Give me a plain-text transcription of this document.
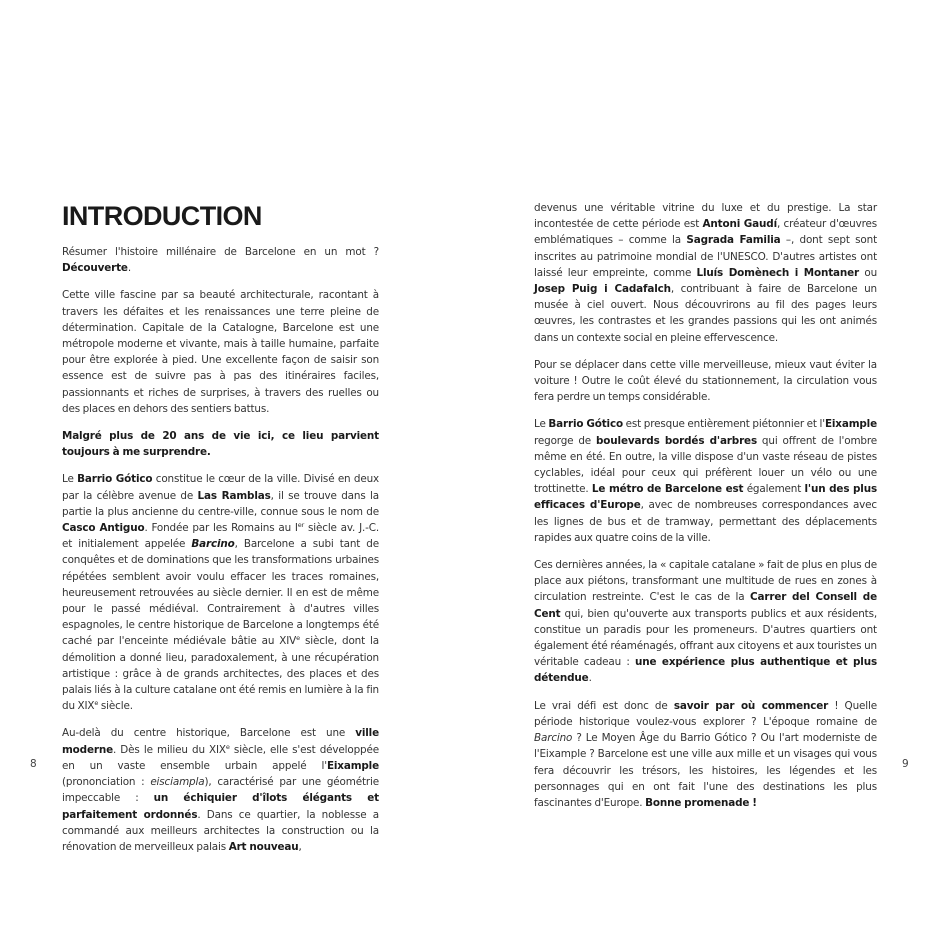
INTRODUCTION

Résumer l'histoire millénaire de Barcelone en un mot ? Découverte.

Cette ville fascine par sa beauté architecturale, racontant à travers les défaites et les renaissances une terre pleine de détermination. Capitale de la Catalogne, Barcelone est une métropole moderne et vivante, mais à taille humaine, parfaite pour être explorée à pied. Une excellente façon de saisir son essence est de suivre pas à pas des itinéraires faciles, passionnants et riches de surprises, à travers des ruelles ou des places en dehors des sentiers battus.

Malgré plus de 20 ans de vie ici, ce lieu parvient toujours à me surprendre.

Le Barrio Gótico constitue le cœur de la ville. Divisé en deux par la célèbre avenue de Las Ramblas, il se trouve dans la partie la plus ancienne du centre-ville, connue sous le nom de Casco Antiguo. Fondée par les Romains au Ier siècle av. J.-C. et initialement appelée Barcino, Barcelone a subi tant de conquêtes et de dominations que les transformations urbaines répétées semblent avoir voulu effacer les traces romaines, heureusement retrouvées au siècle dernier. Il en est de même pour le passé médiéval. Contrairement à d'autres villes espagnoles, le centre historique de Barcelone a longtemps été caché par l'enceinte médiévale bâtie au XIVe siècle, dont la démolition a donné lieu, paradoxalement, à une récupération artistique : grâce à de grands architectes, des places et des palais liés à la culture catalane ont été remis en lumière à la fin du XIXe siècle.

Au-delà du centre historique, Barcelone est une ville moderne. Dès le milieu du XIXe siècle, elle s'est développée en un vaste ensemble urbain appelé l'Eixample (prononciation : eisciampla), caractérisé par une géométrie impeccable : un échiquier d'îlots élégants et parfaitement ordonnés. Dans ce quartier, la noblesse a commandé aux meilleurs architectes la construction ou la rénovation de merveilleux palais Art nouveau,

8

devenus une véritable vitrine du luxe et du prestige. La star incontestée de cette période est Antoni Gaudí, créateur d'œuvres emblématiques – comme la Sagrada Familia –, dont sept sont inscrites au patrimoine mondial de l'UNESCO. D'autres artistes ont laissé leur empreinte, comme Lluís Domènech i Montaner ou Josep Puig i Cadafalch, contribuant à faire de Barcelone un musée à ciel ouvert. Nous découvrirons au fil des pages leurs œuvres, les contrastes et les grandes passions qui les ont animés dans un contexte social en pleine effervescence.

Pour se déplacer dans cette ville merveilleuse, mieux vaut éviter la voiture ! Outre le coût élevé du stationnement, la circulation vous fera perdre un temps considérable.

Le Barrio Gótico est presque entièrement piétonnier et l'Eixample regorge de boulevards bordés d'arbres qui offrent de l'ombre même en été. En outre, la ville dispose d'un vaste réseau de pistes cyclables, idéal pour ceux qui préfèrent louer un vélo ou une trottinette. Le métro de Barcelone est également l'un des plus efficaces d'Europe, avec de nombreuses correspondances avec les lignes de bus et de tramway, permettant des déplacements rapides aux quatre coins de la ville.

Ces dernières années, la « capitale catalane » fait de plus en plus de place aux piétons, transformant une multitude de rues en zones à circulation restreinte. C'est le cas de la Carrer del Consell de Cent qui, bien qu'ouverte aux transports publics et aux résidents, constitue un paradis pour les promeneurs. D'autres quartiers ont également été réaménagés, offrant aux citoyens et aux touristes un véritable cadeau : une expérience plus authentique et plus détendue.

Le vrai défi est donc de savoir par où commencer ! Quelle période historique voulez-vous explorer ? L'époque romaine de Barcino ? Le Moyen Âge du Barrio Gótico ? Ou l'art moderniste de l'Eixample ? Barcelone est une ville aux mille et un visages qui vous fera découvrir les trésors, les histoires, les légendes et les personnages qui en ont fait l'une des destinations les plus fascinantes d'Europe. Bonne promenade !

9
